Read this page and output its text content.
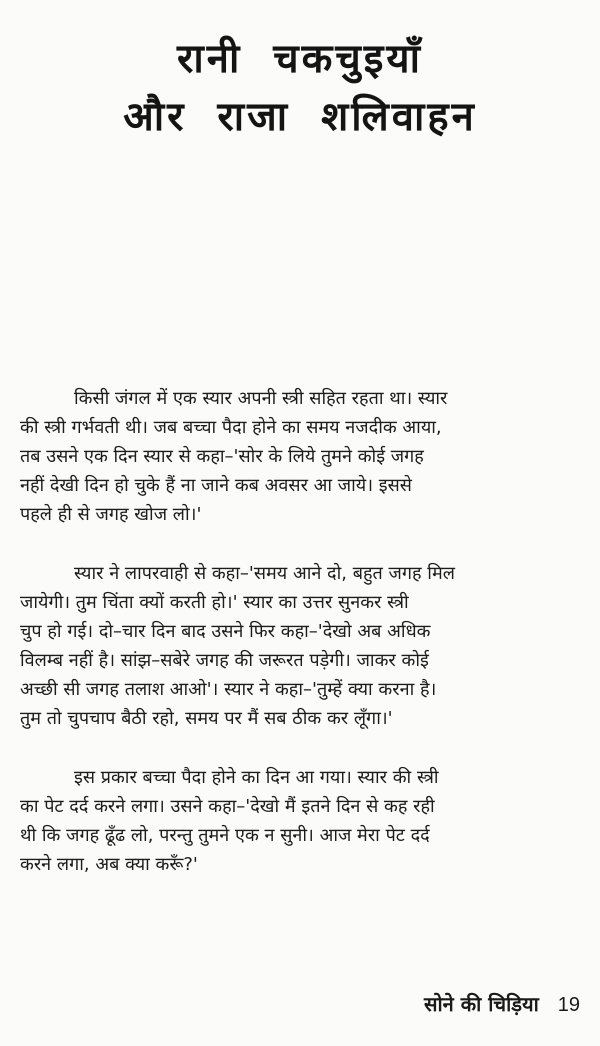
रानी चकचुइयाँ
और राजा शलिवाहन

किसी जंगल में एक स्यार अपनी स्त्री सहित रहता था। स्यार
की स्त्री गर्भवती थी। जब बच्चा पैदा होने का समय नजदीक आया,
तब उसने एक दिन स्यार से कहा–'सोर के लिये तुमने कोई जगह
नहीं देखी दिन हो चुके हैं ना जाने कब अवसर आ जाये। इससे
पहले ही से जगह खोज लो।'

स्यार ने लापरवाही से कहा–'समय आने दो, बहुत जगह मिल
जायेगी। तुम चिंता क्यों करती हो।' स्यार का उत्तर सुनकर स्त्री
चुप हो गई। दो–चार दिन बाद उसने फिर कहा–'देखो अब अधिक
विलम्ब नहीं है। सांझ–सबेरे जगह की जरूरत पड़ेगी। जाकर कोई
अच्छी सी जगह तलाश आओ'। स्यार ने कहा–'तुम्हें क्या करना है।
तुम तो चुपचाप बैठी रहो, समय पर मैं सब ठीक कर लूँगा।'

इस प्रकार बच्चा पैदा होने का दिन आ गया। स्यार की स्त्री
का पेट दर्द करने लगा। उसने कहा–'देखो मैं इतने दिन से कह रही
थी कि जगह ढूँढ लो, परन्तु तुमने एक न सुनी। आज मेरा पेट दर्द
करने लगा, अब क्या करूँ?'

सोने की चिड़िया 19
